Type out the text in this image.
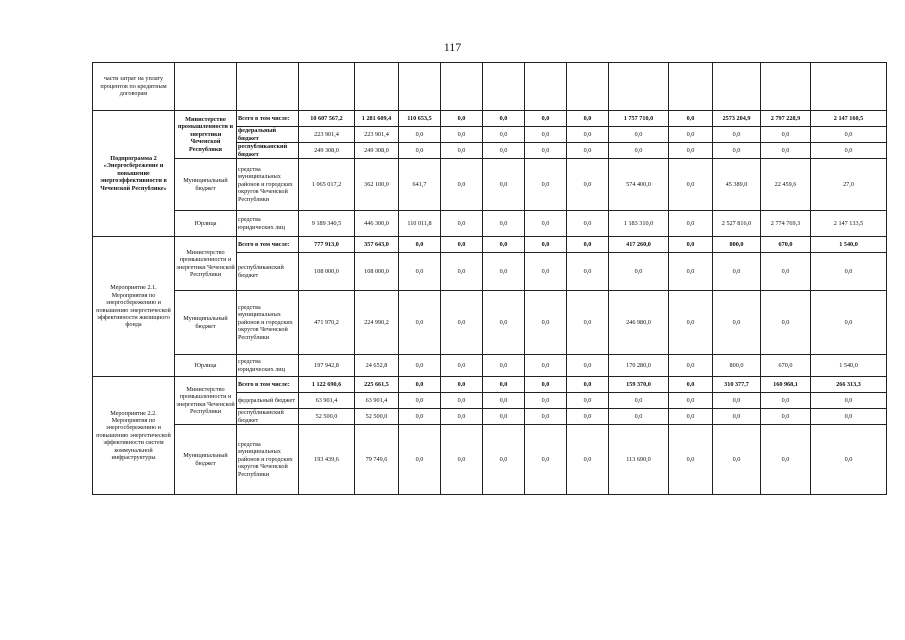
117
части затрат на уплату процентов по кредитным договорам														
Подпрограмма 2 «Энергосбережение и повышение энергоэффективности в Чеченской Республике»	Министерство промышленности и энергетики Чеченской Республики	Всего в том числе:	10 607 567,2	1 281 609,4	110 653,5	0,0	0,0	0,0	0,0	1 757 710,0	0,0	2573 204,9	2 797 228,9	2 147 160,5
		федеральный бюджет	223 901,4	223 901,4	0,0	0,0	0,0	0,0	0,0	0,0	0,0	0,0	0,0	0,0
		республиканский бюджет	249 308,0	249 308,0	0,0	0,0	0,0	0,0	0,0	0,0	0,0	0,0	0,0	0,0
	Муниципальный бюджет	средства муниципальных районов и городских округов Чеченской Республики	1 065 017,2	362 100,0	641,7	0,0	0,0	0,0	0,0	574 400,0	0,0	45 389,0	22 459,6	27,0
	Юрлица	средства юридических лиц	9 189 340,5	446 300,0	110 011,8	0,0	0,0	0,0	0,0	1 183 310,0	0,0	2 527 816,0	2 774 769,3	2 147 133,5
Мероприятие 2.1. Мероприятия по энергосбережению и повышению энергетической эффективности жилищного фонда	Министерство промышленности и энергетики Чеченской Республики	Всего в том числе:	777 913,0	357 643,0	0,0	0,0	0,0	0,0	0,0	417 260,0	0,0	800,0	670,0	1 540,0
		республиканский бюджет	108 000,0	108 000,0	0,0	0,0	0,0	0,0	0,0	0,0	0,0	0,0	0,0	0,0
	Муниципальный бюджет	средства муниципальных районов и городских округов Чеченской Республики	471 970,2	224 990,2	0,0	0,0	0,0	0,0	0,0	246 980,0	0,0	0,0	0,0	0,0
	Юрлица	средства юридических лиц	197 942,8	24 652,8	0,0	0,0	0,0	0,0	0,0	170 280,0	0,0	800,0	670,0	1 540,0
Мероприятие 2.2. Мероприятия по энергосбережению и повышению энергетической эффективности систем коммунальной инфраструктуры	Министерство промышленности и энергетики Чеченской Республики	Всего в том числе:	1 122 690,6	225 661,5	0,0	0,0	0,0	0,0	0,0	159 370,0	0,0	310 377,7	160 968,1	266 313,3
		федеральный бюджет	63 901,4	63 901,4	0,0	0,0	0,0	0,0	0,0	0,0	0,0	0,0	0,0	0,0
		республиканский бюджет	52 500,0	52 500,0	0,0	0,0	0,0	0,0	0,0	0,0	0,0	0,0	0,0	0,0
	Муниципальный бюджет	средства муниципальных районов и городских округов Чеченской Республики	193 439,6	79 749,6	0,0	0,0	0,0	0,0	0,0	113 690,0	0,0	0,0	0,0	0,0
